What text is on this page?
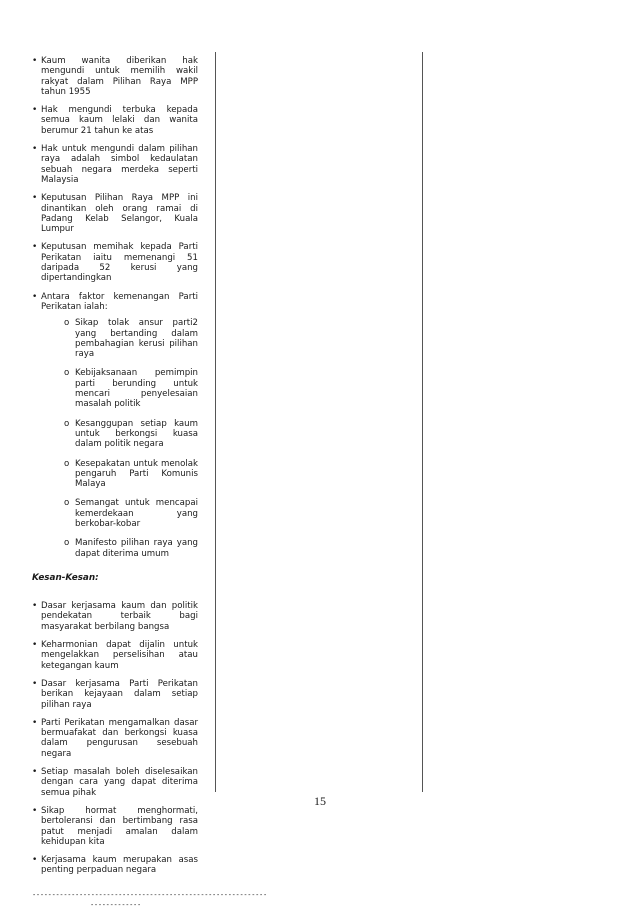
• Kaum wanita diberikan hak mengundi untuk memilih wakil rakyat dalam Pilihan Raya MPP tahun 1955
• Hak mengundi terbuka kepada semua kaum lelaki dan wanita berumur 21 tahun ke atas
• Hak untuk mengundi dalam pilihan raya adalah simbol kedaulatan sebuah negara merdeka seperti Malaysia
• Keputusan Pilihan Raya MPP ini dinantikan oleh orang ramai di Padang Kelab Selangor, Kuala Lumpur
• Keputusan memihak kepada Parti Perikatan iaitu memenangi 51 daripada 52 kerusi yang dipertandingkan
• Antara faktor kemenangan Parti Perikatan ialah:
o Sikap tolak ansur parti2 yang bertanding dalam pembahagian kerusi pilihan raya
o Kebijaksanaan pemimpin parti berunding untuk mencari penyelesaian masalah politik
o Kesanggupan setiap kaum untuk berkongsi kuasa dalam politik negara
o Kesepakatan untuk menolak pengaruh Parti Komunis Malaya
o Semangat untuk mencapai kemerdekaan yang berkobar-kobar
o Manifesto pilihan raya yang dapat diterima umum
Kesan-Kesan:
• Dasar kerjasama kaum dan politik pendekatan terbaik bagi masyarakat berbilang bangsa
• Keharmonian dapat dijalin untuk mengelakkan perselisihan atau ketegangan kaum
• Dasar kerjasama Parti Perikatan berikan kejayaan dalam setiap pilihan raya
• Parti Perikatan mengamalkan dasar bermuafakat dan berkongsi kuasa dalam pengurusan sesebuah negara
• Setiap masalah boleh diselesaikan dengan cara yang dapat diterima semua pihak
• Sikap hormat menghormati, bertoleransi dan bertimbang rasa patut menjadi amalan dalam kehidupan kita
• Kerjasama kaum merupakan asas penting perpaduan negara
------------------------------------------------------------
-------------
15
